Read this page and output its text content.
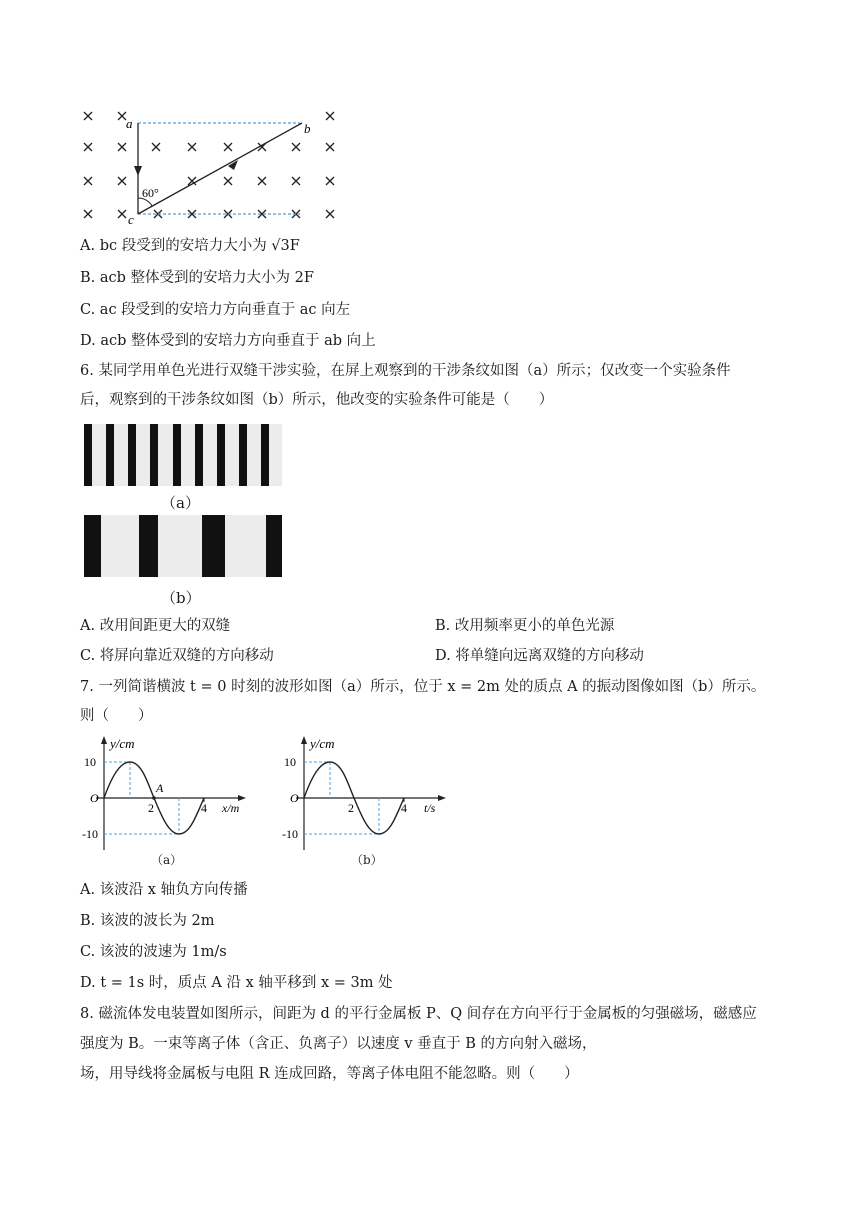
a	b
c
60°
A. bc 段受到的安培力大小为 √3F
B. acb 整体受到的安培力大小为 2F
C. ac 段受到的安培力方向垂直于 ac 向左
D. acb 整体受到的安培力方向垂直于 ab 向上
6. 某同学用单色光进行双缝干涉实验，在屏上观察到的干涉条纹如图（a）所示；仅改变一个实验条件
后，观察到的干涉条纹如图（b）所示，他改变的实验条件可能是（　　）
（a）
（b）
A. 改用间距更大的双缝	B. 改用频率更小的单色光源
C. 将屏向靠近双缝的方向移动	D. 将单缝向远离双缝的方向移动
7. 一列简谐横波 t = 0 时刻的波形如图（a）所示，位于 x = 2m 处的质点 A 的振动图像如图（b）所示。
则（　　）
y/cm
10
-10
O
2	4
A
x/m
（a）
y/cm
10
-10
O
2	4 t/s
（b）
A. 该波沿 x 轴负方向传播
B. 该波的波长为 2m
C. 该波的波速为 1m/s
D. t = 1s 时，质点 A 沿 x 轴平移到 x = 3m 处
8. 磁流体发电装置如图所示，间距为 d 的平行金属板 P、Q 间存在方向平行于金属板的匀强磁场，磁感应
强度为 B。一束等离子体（含正、负离子）以速度 v 垂直于 B 的方向射入磁场，
场，用导线将金属板与电阻 R 连成回路，等离子体电阻不能忽略。则（　　）
